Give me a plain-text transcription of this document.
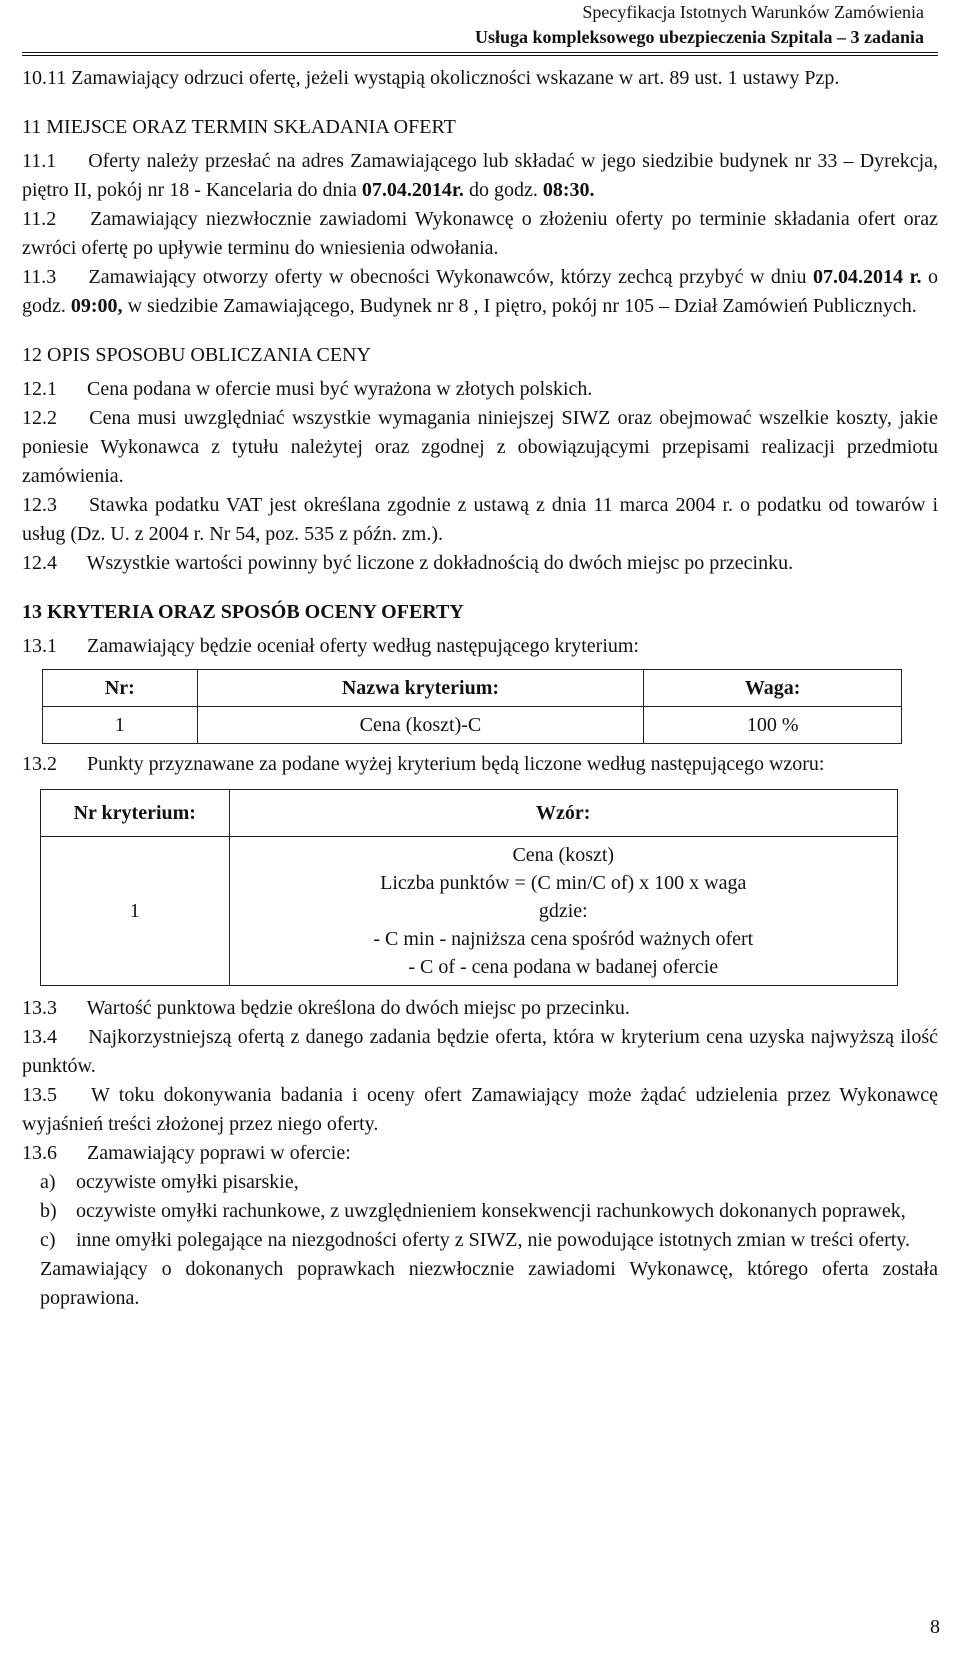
Specyfikacja Istotnych Warunków Zamówienia
Usługa kompleksowego ubezpieczenia Szpitala – 3 zadania

10.11 Zamawiający odrzuci ofertę, jeżeli wystąpią okoliczności wskazane w art. 89 ust. 1 ustawy Pzp.

11 MIEJSCE ORAZ TERMIN SKŁADANIA OFERT

11.1 Oferty należy przesłać na adres Zamawiającego lub składać w jego siedzibie budynek nr 33 – Dyrekcja, piętro II, pokój nr 18 - Kancelaria do dnia 07.04.2014r. do godz. 08:30.

11.2 Zamawiający niezwłocznie zawiadomi Wykonawcę o złożeniu oferty po terminie składania ofert oraz zwróci ofertę po upływie terminu do wniesienia odwołania.

11.3 Zamawiający otworzy oferty w obecności Wykonawców, którzy zechcą przybyć w dniu 07.04.2014 r. o godz. 09:00, w siedzibie Zamawiającego, Budynek nr 8 , I piętro, pokój nr 105 – Dział Zamówień Publicznych.

12 OPIS SPOSOBU OBLICZANIA CENY

12.1 Cena podana w ofercie musi być wyrażona w złotych polskich.

12.2 Cena musi uwzględniać wszystkie wymagania niniejszej SIWZ oraz obejmować wszelkie koszty, jakie poniesie Wykonawca z tytułu należytej oraz zgodnej z obowiązującymi przepisami realizacji przedmiotu zamówienia.

12.3 Stawka podatku VAT jest określana zgodnie z ustawą z dnia 11 marca 2004 r. o podatku od towarów i usług (Dz. U. z 2004 r. Nr 54, poz. 535 z późn. zm.).

12.4 Wszystkie wartości powinny być liczone z dokładnością do dwóch miejsc po przecinku.

13 KRYTERIA ORAZ SPOSÓB OCENY OFERTY

13.1 Zamawiający będzie oceniał oferty według następującego kryterium:

Nr:	Nazwa kryterium:	Waga:
1	Cena (koszt)-C	100 %

13.2 Punkty przyznawane za podane wyżej kryterium będą liczone według następującego wzoru:

Nr kryterium:	Wzór:
1	Cena (koszt)
Liczba punktów = (C min/C of) x 100 x waga
gdzie:
- C min - najniższa cena spośród ważnych ofert
- C of - cena podana w badanej ofercie

13.3 Wartość punktowa będzie określona do dwóch miejsc po przecinku.

13.4 Najkorzystniejszą ofertą z danego zadania będzie oferta, która w kryterium cena uzyska najwyższą ilość punktów.

13.5 W toku dokonywania badania i oceny ofert Zamawiający może żądać udzielenia przez Wykonawcę wyjaśnień treści złożonej przez niego oferty.

13.6 Zamawiający poprawi w ofercie:

a)	oczywiste omyłki pisarskie,
b) oczywiste omyłki rachunkowe, z uwzględnieniem konsekwencji rachunkowych dokonanych poprawek,
c)	inne omyłki polegające na niezgodności oferty z SIWZ, nie powodujące istotnych zmian w treści oferty.

Zamawiający o dokonanych poprawkach niezwłocznie zawiadomi Wykonawcę, którego oferta została poprawiona.

8
